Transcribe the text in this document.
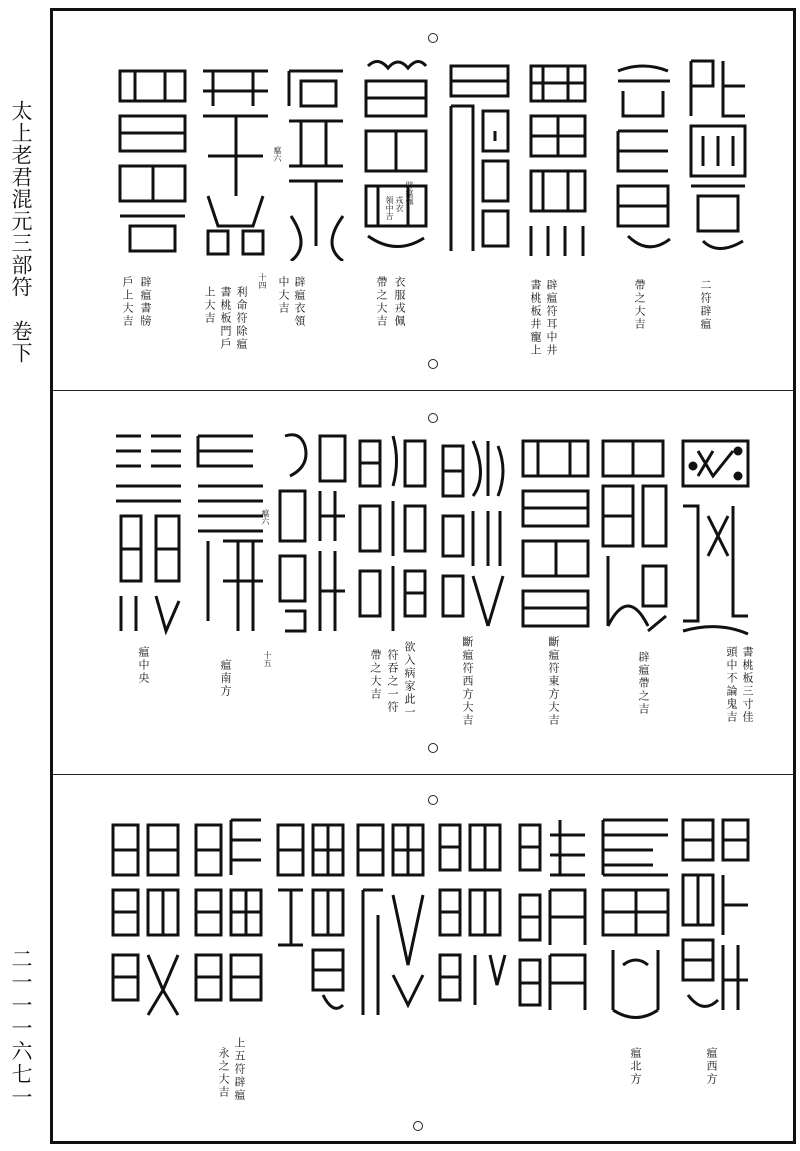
太上老君混元三部符　卷下
二一一一六七一
二符辟瘟
帶之大吉
辟瘟符耳中井
書桃板井寵上
衣服戎佩
帶之大吉
辟瘟衣領
中大吉
十四
利命符除瘟
書桃板門戶
上大吉
辟瘟書牓
戶上大吉
辟瘟佩
戎衣
領中吉
瘟六
書桃板三寸佳
頭中不論鬼吉
辟瘟帶之吉
斷瘟符東方大吉
斷瘟符西方大吉
欲入病家此一
符吞之一符
帶之大吉
十五
瘟南方
瘟中央
瘟六
瘟西方
瘟北方
上五符辟瘟
永之大吉
